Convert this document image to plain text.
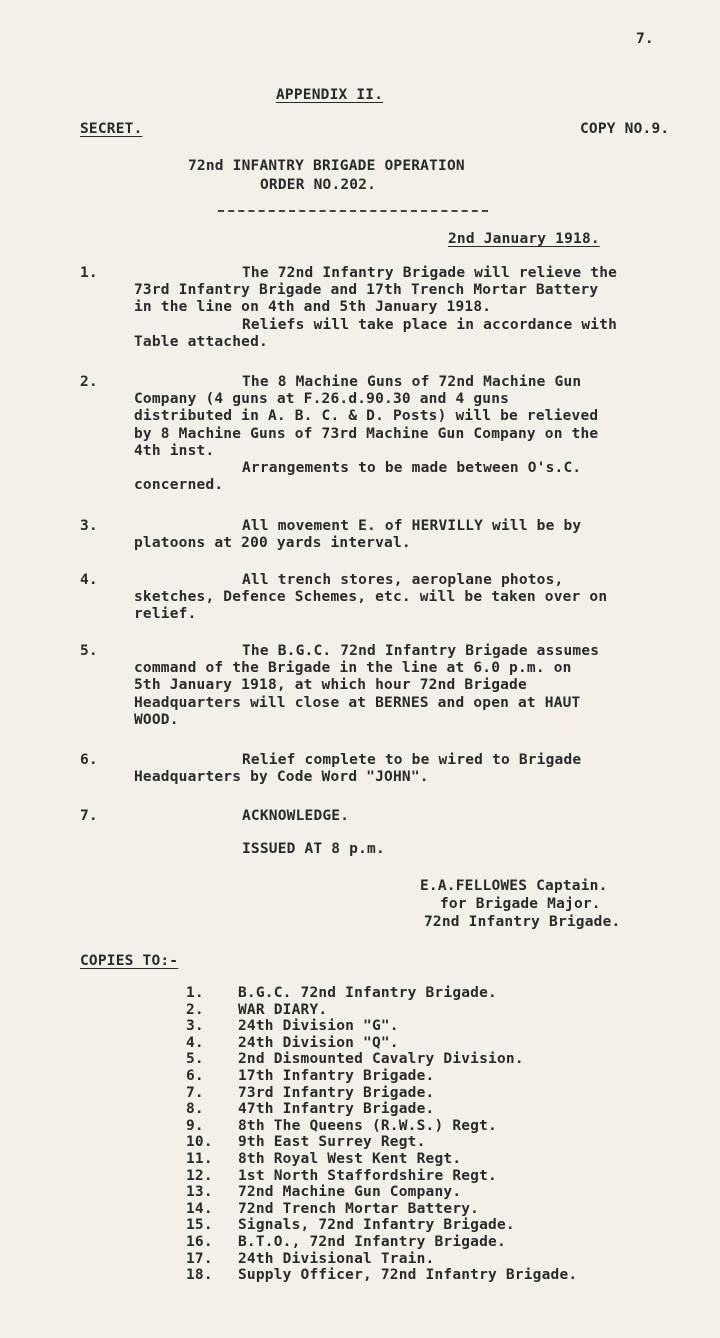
7.
APPENDIX II.
SECRET.	COPY NO.9.
72nd INFANTRY BRIGADE OPERATION
ORDER NO.202.
2nd January 1918.
1.	The 72nd Infantry Brigade will relieve the
73rd Infantry Brigade and 17th Trench Mortar Battery
in the line on 4th and 5th January 1918.
Reliefs will take place in accordance with
Table attached.
2.	The 8 Machine Guns of 72nd Machine Gun
Company (4 guns at F.26.d.90.30 and 4 guns
distributed in A. B. C. & D. Posts) will be relieved
by 8 Machine Guns of 73rd Machine Gun Company on the
4th inst.
Arrangements to be made between O's.C.
concerned.
3.	All movement E. of HERVILLY will be by
platoons at 200 yards interval.
4.	All trench stores, aeroplane photos,
sketches, Defence Schemes, etc. will be taken over on
relief.
5.	The B.G.C. 72nd Infantry Brigade assumes
command of the Brigade in the line at 6.0 p.m. on
5th January 1918, at which hour 72nd Brigade
Headquarters will close at BERNES and open at HAUT
WOOD.
6.	Relief complete to be wired to Brigade
Headquarters by Code Word "JOHN".
7.	ACKNOWLEDGE.
ISSUED AT 8 p.m.
E.A.FELLOWES Captain.
for Brigade Major.
72nd Infantry Brigade.
COPIES TO:-
1.	B.G.C. 72nd Infantry Brigade.
2.	WAR DIARY.
3.	24th Division "G".
4.	24th Division "Q".
5.	2nd Dismounted Cavalry Division.
6.	17th Infantry Brigade.
7.	73rd Infantry Brigade.
8.	47th Infantry Brigade.
9.	8th The Queens (R.W.S.) Regt.
10.	9th East Surrey Regt.
11.	8th Royal West Kent Regt.
12.	1st North Staffordshire Regt.
13.	72nd Machine Gun Company.
14.	72nd Trench Mortar Battery.
15.	Signals, 72nd Infantry Brigade.
16.	B.T.O., 72nd Infantry Brigade.
17.	24th Divisional Train.
18.	Supply Officer, 72nd Infantry Brigade.
